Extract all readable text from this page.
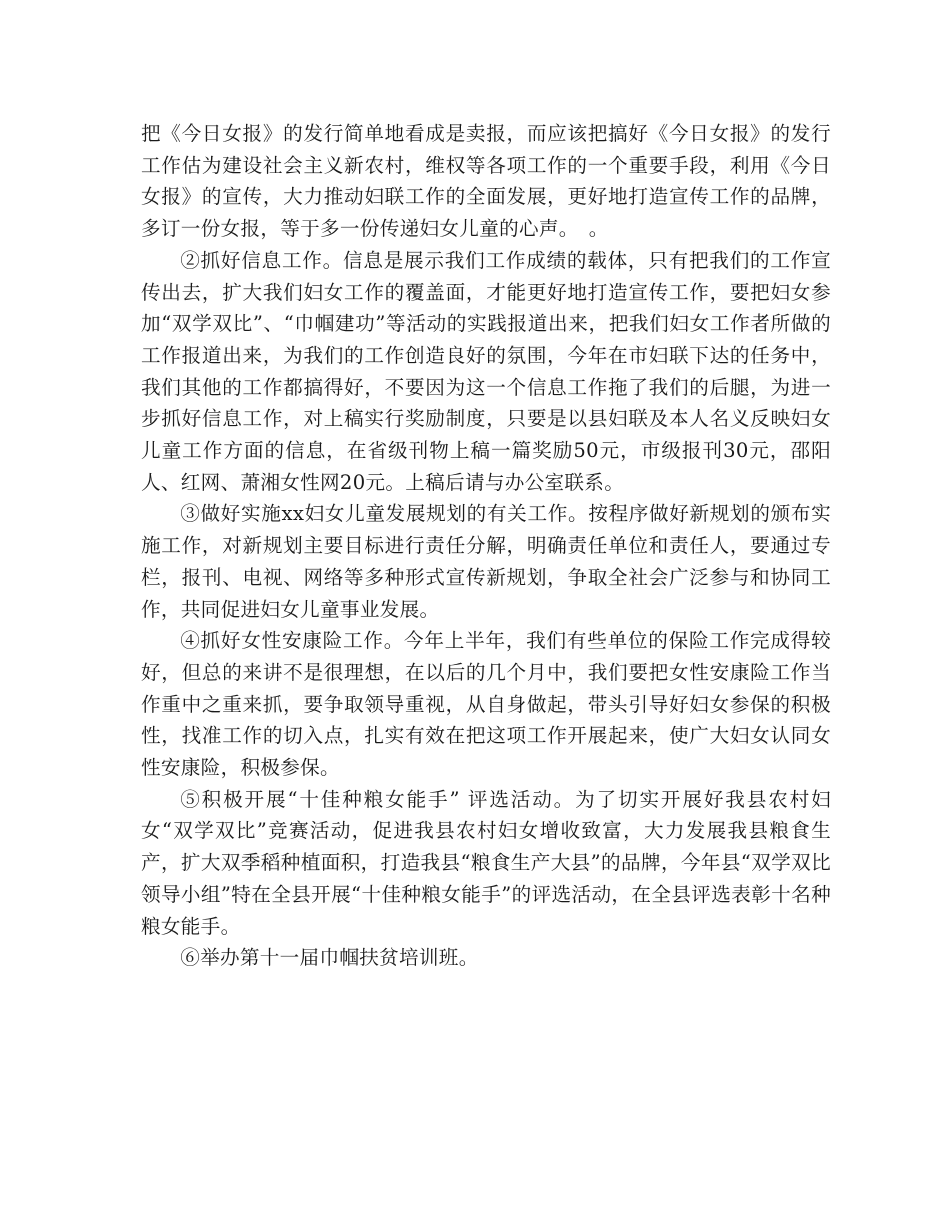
把《今日女报》的发行简单地看成是卖报，而应该把搞好《今日女报》的发行工作估为建设社会主义新农村，维权等各项工作的一个重要手段，利用《今日女报》的宣传，大力推动妇联工作的全面发展，更好地打造宣传工作的品牌，多订一份女报，等于多一份传递妇女儿童的心声。　。

②抓好信息工作。信息是展示我们工作成绩的载体，只有把我们的工作宣传出去，扩大我们妇女工作的覆盖面，才能更好地打造宣传工作，要把妇女参加“双学双比”、“巾帼建功”等活动的实践报道出来，把我们妇女工作者所做的工作报道出来，为我们的工作创造良好的氛围，今年在市妇联下达的任务中，我们其他的工作都搞得好，不要因为这一个信息工作拖了我们的后腿，为进一步抓好信息工作，对上稿实行奖励制度，只要是以县妇联及本人名义反映妇女儿童工作方面的信息，在省级刊物上稿一篇奖励50元，市级报刊30元，邵阳人、红网、萧湘女性网20元。上稿后请与办公室联系。

③做好实施xx妇女儿童发展规划的有关工作。按程序做好新规划的颁布实施工作，对新规划主要目标进行责任分解，明确责任单位和责任人，要通过专栏，报刊、电视、网络等多种形式宣传新规划，争取全社会广泛参与和协同工作，共同促进妇女儿童事业发展。

④抓好女性安康险工作。今年上半年，我们有些单位的保险工作完成得较好，但总的来讲不是很理想，在以后的几个月中，我们要把女性安康险工作当作重中之重来抓，要争取领导重视，从自身做起，带头引导好妇女参保的积极性，找准工作的切入点，扎实有效在把这项工作开展起来，使广大妇女认同女性安康险，积极参保。

⑤积极开展“十佳种粮女能手” 评选活动。为了切实开展好我县农村妇女“双学双比”竞赛活动，促进我县农村妇女增收致富，大力发展我县粮食生产，扩大双季稻种植面积，打造我县“粮食生产大县”的品牌，今年县“双学双比领导小组”特在全县开展“十佳种粮女能手”的评选活动，在全县评选表彰十名种粮女能手。

⑥举办第十一届巾帼扶贫培训班。
